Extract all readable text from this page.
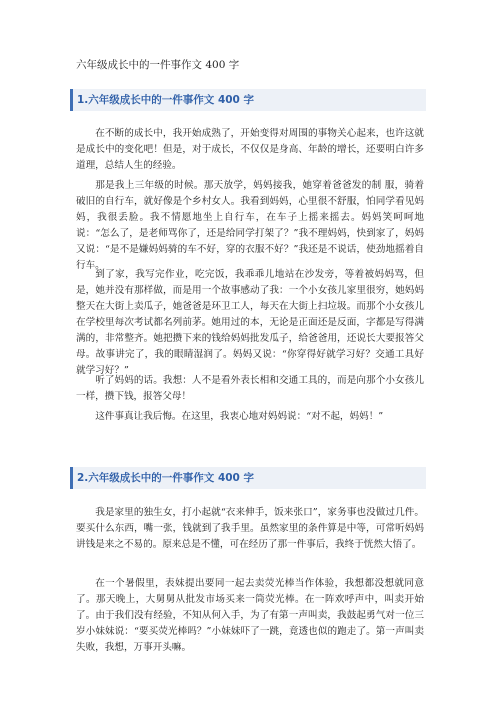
六年级成长中的一件事作文 400 字
1.六年级成长中的一件事作文 400 字

在不断的成长中，我开始成熟了，开始变得对周围的事物关心起来，也许这就是成长中的变化吧！但是，对于成长，不仅仅是身高、年龄的增长，还要明白许多道理，总结人生的经验。

那是我上三年级的时候。那天放学，妈妈接我，她穿着爸爸发的制 服，骑着破旧的自行车，就好像是个乡村女人。我看到妈妈，心里很不舒服，怕同学看见妈妈，我很丢脸。我不情愿地坐上自行车，在车子上摇来摇去。妈妈笑呵呵地说：“怎么了，是老师骂你了，还是给同学打架了？”我不理妈妈，快到家了，妈妈又说：“是不是嫌妈妈骑的车不好，穿的衣服不好？”我还是不说话，使劲地摇着自行车。

到了家，我写完作业，吃完饭，我乖乖儿地站在沙发旁，等着被妈妈骂，但是，她并没有那样做，而是用一个故事感动了我：一个小女孩儿家里很穷，她妈妈整天在大街上卖瓜子，她爸爸是环卫工人，每天在大街上扫垃圾。而那个小女孩儿在学校里每次考试都名列前茅。她用过的本，无论是正面还是反面，字都是写得满满的，非常整齐。她把攒下来的钱给妈妈批发瓜子，给爸爸用，还说长大要报答父母。故事讲完了，我的眼睛湿润了。妈妈又说：“你穿得好就学习好？交通工具好就学习好？”

听了妈妈的话。我想：人不是看外表长相和交通工具的，而是向那个小女孩儿一样，攒下钱，报答父母！

这件事真让我后悔。在这里，我衷心地对妈妈说：“对不起，妈妈！”

2.六年级成长中的一件事作文 400 字

我是家里的独生女，打小起就“衣来伸手，饭来张口”，家务事也没做过几件。要买什么东西，嘴一张，钱就到了我手里。虽然家里的条件算是中等，可常听妈妈讲钱是来之不易的。原来总是不懂，可在经历了那一件事后，我终于恍然大悟了。

在一个暑假里，表妹提出要同一起去卖荧光棒当作体验，我想都没想就同意了。那天晚上，大舅舅从批发市场买来一筒荧光棒。在一阵欢呼声中，叫卖开始了。由于我们没有经验，不知从何入手，为了有第一声叫卖，我鼓起勇气对一位三岁小妹妹说：“要买荧光棒吗？”小妹妹吓了一跳，竟透也似的跑走了。第一声叫卖失败，我想，万事开头嘛。
